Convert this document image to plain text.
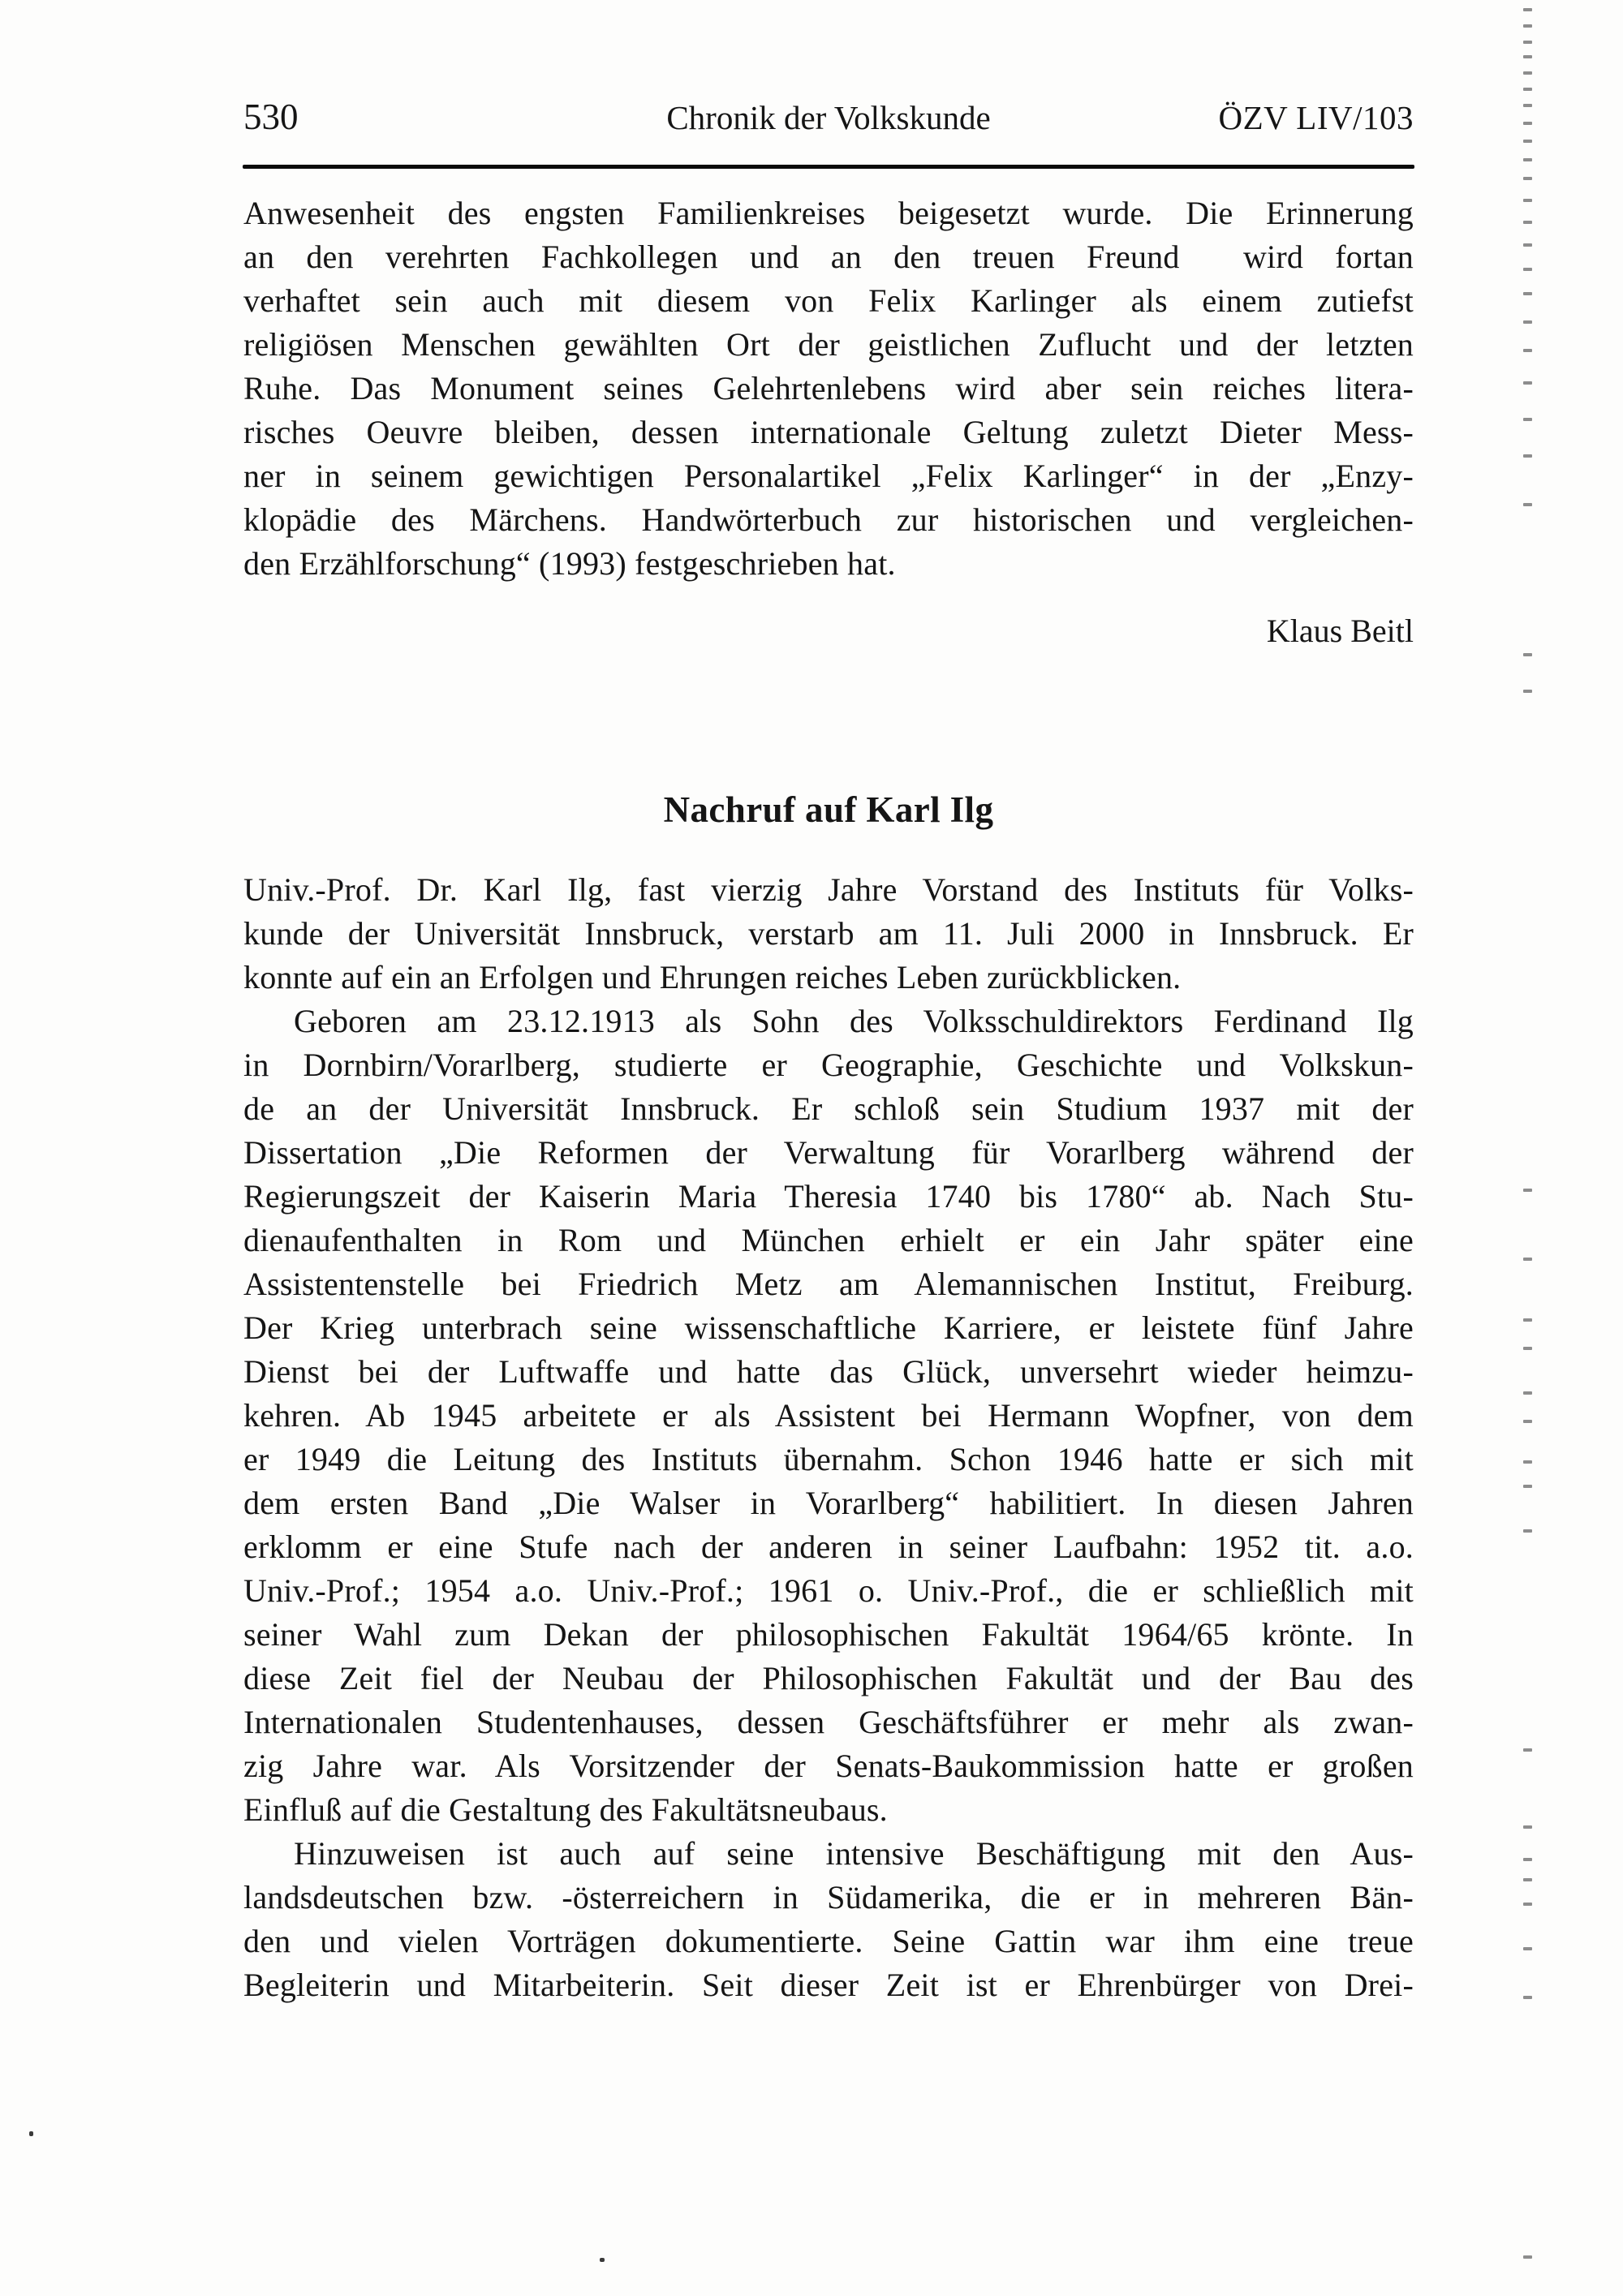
530	Chronik der Volkskunde	ÖZV LIV/103
Anwesenheit des engsten Familienkreises beigesetzt wurde. Die Erinnerung
an den verehrten Fachkollegen und an den treuen Freund  wird fortan
verhaftet sein auch mit diesem von Felix Karlinger als einem zutiefst
religiösen Menschen gewählten Ort der geistlichen Zuflucht und der letzten
Ruhe. Das Monument seines Gelehrtenlebens wird aber sein reiches litera-
risches Oeuvre bleiben, dessen internationale Geltung zuletzt Dieter Mess-
ner in seinem gewichtigen Personalartikel „Felix Karlinger“ in der „Enzy-
klopädie des Märchens. Handwörterbuch zur historischen und vergleichen-
den Erzählforschung“ (1993) festgeschrieben hat.
Klaus Beitl
Nachruf auf Karl Ilg
Univ.-Prof. Dr. Karl Ilg, fast vierzig Jahre Vorstand des Instituts für Volks-
kunde der Universität Innsbruck, verstarb am 11. Juli 2000 in Innsbruck. Er
konnte auf ein an Erfolgen und Ehrungen reiches Leben zurückblicken.
Geboren am 23.12.1913 als Sohn des Volksschuldirektors Ferdinand Ilg
in Dornbirn/Vorarlberg, studierte er Geographie, Geschichte und Volkskun-
de an der Universität Innsbruck. Er schloß sein Studium 1937 mit der
Dissertation „Die Reformen der Verwaltung für Vorarlberg während der
Regierungszeit der Kaiserin Maria Theresia 1740 bis 1780“ ab. Nach Stu-
dienaufenthalten in Rom und München erhielt er ein Jahr später eine
Assistentenstelle bei Friedrich Metz am Alemannischen Institut, Freiburg.
Der Krieg unterbrach seine wissenschaftliche Karriere, er leistete fünf Jahre
Dienst bei der Luftwaffe und hatte das Glück, unversehrt wieder heimzu-
kehren. Ab 1945 arbeitete er als Assistent bei Hermann Wopfner, von dem
er 1949 die Leitung des Instituts übernahm. Schon 1946 hatte er sich mit
dem ersten Band „Die Walser in Vorarlberg“ habilitiert. In diesen Jahren
erklomm er eine Stufe nach der anderen in seiner Laufbahn: 1952 tit. a.o.
Univ.-Prof.; 1954 a.o. Univ.-Prof.; 1961 o. Univ.-Prof., die er schließlich mit
seiner Wahl zum Dekan der philosophischen Fakultät 1964/65 krönte. In
diese Zeit fiel der Neubau der Philosophischen Fakultät und der Bau des
Internationalen Studentenhauses, dessen Geschäftsführer er mehr als zwan-
zig Jahre war. Als Vorsitzender der Senats-Baukommission hatte er großen
Einfluß auf die Gestaltung des Fakultätsneubaus.
Hinzuweisen ist auch auf seine intensive Beschäftigung mit den Aus-
landsdeutschen bzw. -österreichern in Südamerika, die er in mehreren Bän-
den und vielen Vorträgen dokumentierte. Seine Gattin war ihm eine treue
Begleiterin und Mitarbeiterin. Seit dieser Zeit ist er Ehrenbürger von Drei-
